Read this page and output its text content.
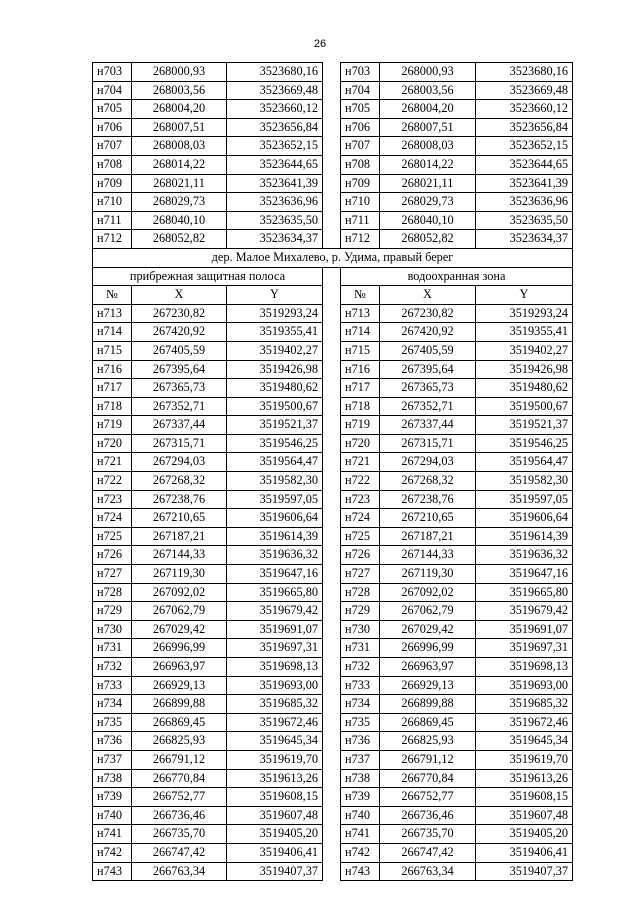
26
н703	268000,93	3523680,16		н703	268000,93	3523680,16
н704	268003,56	3523669,48		н704	268003,56	3523669,48
н705	268004,20	3523660,12		н705	268004,20	3523660,12
н706	268007,51	3523656,84		н706	268007,51	3523656,84
н707	268008,03	3523652,15		н707	268008,03	3523652,15
н708	268014,22	3523644,65		н708	268014,22	3523644,65
н709	268021,11	3523641,39		н709	268021,11	3523641,39
н710	268029,73	3523636,96		н710	268029,73	3523636,96
н711	268040,10	3523635,50		н711	268040,10	3523635,50
н712	268052,82	3523634,37		н712	268052,82	3523634,37
дер. Малое Михалево, р. Удима, правый берег						
прибрежная защитная полоса				водоохранная зона		
№	X	Y		№	X	Y
н713	267230,82	3519293,24		н713	267230,82	3519293,24
н714	267420,92	3519355,41		н714	267420,92	3519355,41
н715	267405,59	3519402,27		н715	267405,59	3519402,27
н716	267395,64	3519426,98		н716	267395,64	3519426,98
н717	267365,73	3519480,62		н717	267365,73	3519480,62
н718	267352,71	3519500,67		н718	267352,71	3519500,67
н719	267337,44	3519521,37		н719	267337,44	3519521,37
н720	267315,71	3519546,25		н720	267315,71	3519546,25
н721	267294,03	3519564,47		н721	267294,03	3519564,47
н722	267268,32	3519582,30		н722	267268,32	3519582,30
н723	267238,76	3519597,05		н723	267238,76	3519597,05
н724	267210,65	3519606,64		н724	267210,65	3519606,64
н725	267187,21	3519614,39		н725	267187,21	3519614,39
н726	267144,33	3519636,32		н726	267144,33	3519636,32
н727	267119,30	3519647,16		н727	267119,30	3519647,16
н728	267092,02	3519665,80		н728	267092,02	3519665,80
н729	267062,79	3519679,42		н729	267062,79	3519679,42
н730	267029,42	3519691,07		н730	267029,42	3519691,07
н731	266996,99	3519697,31		н731	266996,99	3519697,31
н732	266963,97	3519698,13		н732	266963,97	3519698,13
н733	266929,13	3519693,00		н733	266929,13	3519693,00
н734	266899,88	3519685,32		н734	266899,88	3519685,32
н735	266869,45	3519672,46		н735	266869,45	3519672,46
н736	266825,93	3519645,34		н736	266825,93	3519645,34
н737	266791,12	3519619,70		н737	266791,12	3519619,70
н738	266770,84	3519613,26		н738	266770,84	3519613,26
н739	266752,77	3519608,15		н739	266752,77	3519608,15
н740	266736,46	3519607,48		н740	266736,46	3519607,48
н741	266735,70	3519405,20		н741	266735,70	3519405,20
н742	266747,42	3519406,41		н742	266747,42	3519406,41
н743	266763,34	3519407,37		н743	266763,34	3519407,37
